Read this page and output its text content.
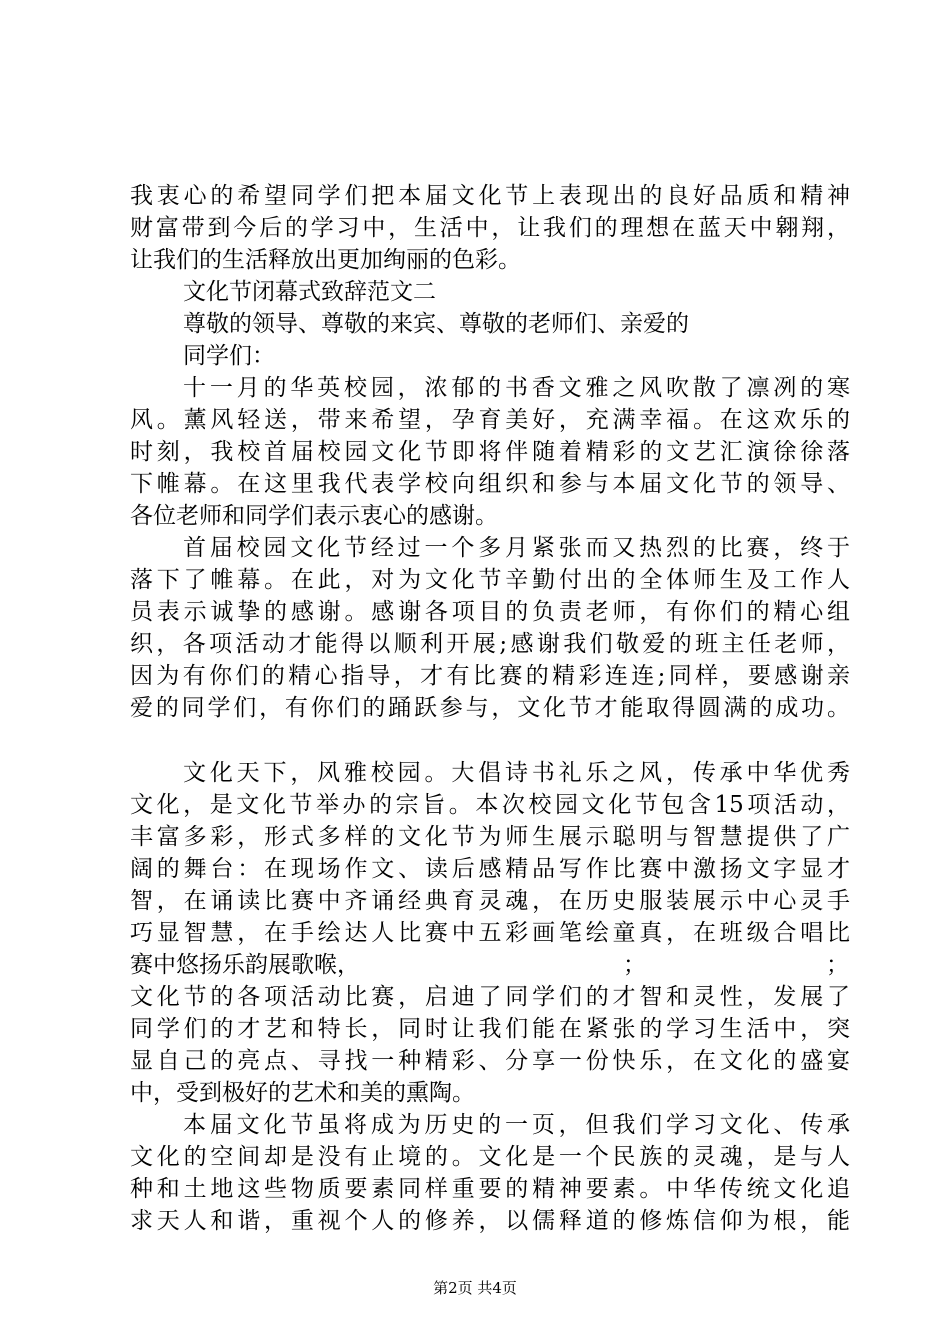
我衷心的希望同学们把本届文化节上表现出的良好品质和精神
财富带到今后的学习中，生活中，让我们的理想在蓝天中翱翔，
让我们的生活释放出更加绚丽的色彩。
文化节闭幕式致辞范文二
尊敬的领导、尊敬的来宾、尊敬的老师们、亲爱的
同学们：
十一月的华英校园，浓郁的书香文雅之风吹散了凛冽的寒
风。薰风轻送，带来希望，孕育美好，充满幸福。在这欢乐的
时刻，我校首届校园文化节即将伴随着精彩的文艺汇演徐徐落
下帷幕。在这里我代表学校向组织和参与本届文化节的领导、
各位老师和同学们表示衷心的感谢。
首届校园文化节经过一个多月紧张而又热烈的比赛，终于
落下了帷幕。在此，对为文化节辛勤付出的全体师生及工作人
员表示诚挚的感谢。感谢各项目的负责老师，有你们的精心组
织，各项活动才能得以顺利开展;感谢我们敬爱的班主任老师，
因为有你们的精心指导，才有比赛的精彩连连;同样，要感谢亲
爱的同学们，有你们的踊跃参与，文化节才能取得圆满的成功。
文化天下，风雅校园。大倡诗书礼乐之风，传承中华优秀
文化，是文化节举办的宗旨。本次校园文化节包含15项活动，
丰富多彩，形式多样的文化节为师生展示聪明与智慧提供了广
阔的舞台：在现场作文、读后感精品写作比赛中激扬文字显才
智，在诵读比赛中齐诵经典育灵魂，在历史服装展示中心灵手
巧显智慧，在手绘达人比赛中五彩画笔绘童真，在班级合唱比
赛中悠扬乐韵展歌喉，	；	；
文化节的各项活动比赛，启迪了同学们的才智和灵性，发展了
同学们的才艺和特长，同时让我们能在紧张的学习生活中，突
显自己的亮点、寻找一种精彩、分享一份快乐，在文化的盛宴
中，受到极好的艺术和美的熏陶。
本届文化节虽将成为历史的一页，但我们学习文化、传承
文化的空间却是没有止境的。文化是一个民族的灵魂，是与人
种和土地这些物质要素同样重要的精神要素。中华传统文化追
求天人和谐，重视个人的修养，以儒释道的修炼信仰为根，能
第2页 共4页
